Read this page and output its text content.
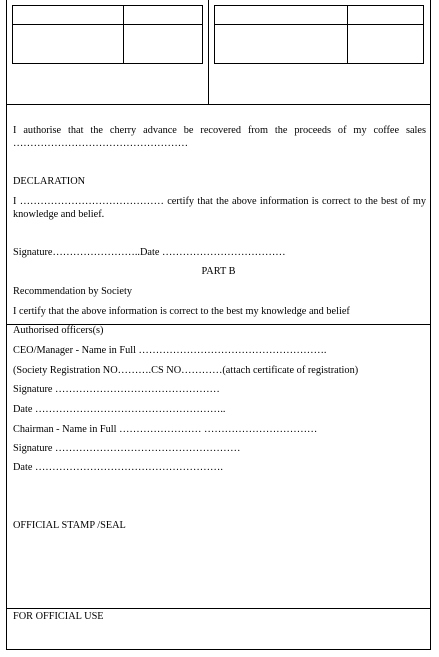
I authorise that the cherry advance be recovered from the proceeds of my coffee sales ……………………………………………
DECLARATION
I …………………………………… certify that the above information is correct to the best of my knowledge and belief.
Signature……………………..Date ………………………………
PART B
Recommendation by Society
I certify that the above information is correct to the best my knowledge and belief
Authorised officers(s)
CEO/Manager - Name in Full ……………………………………………….
(Society Registration NO……….CS NO…………(attach certificate of registration)
Signature …………………………………………
Date ………………………………………………..
Chairman - Name in Full …………………… ……………………………
Signature ………………………………………………
Date ……………………………………………….
OFFICIAL STAMP /SEAL
FOR OFFICIAL USE
